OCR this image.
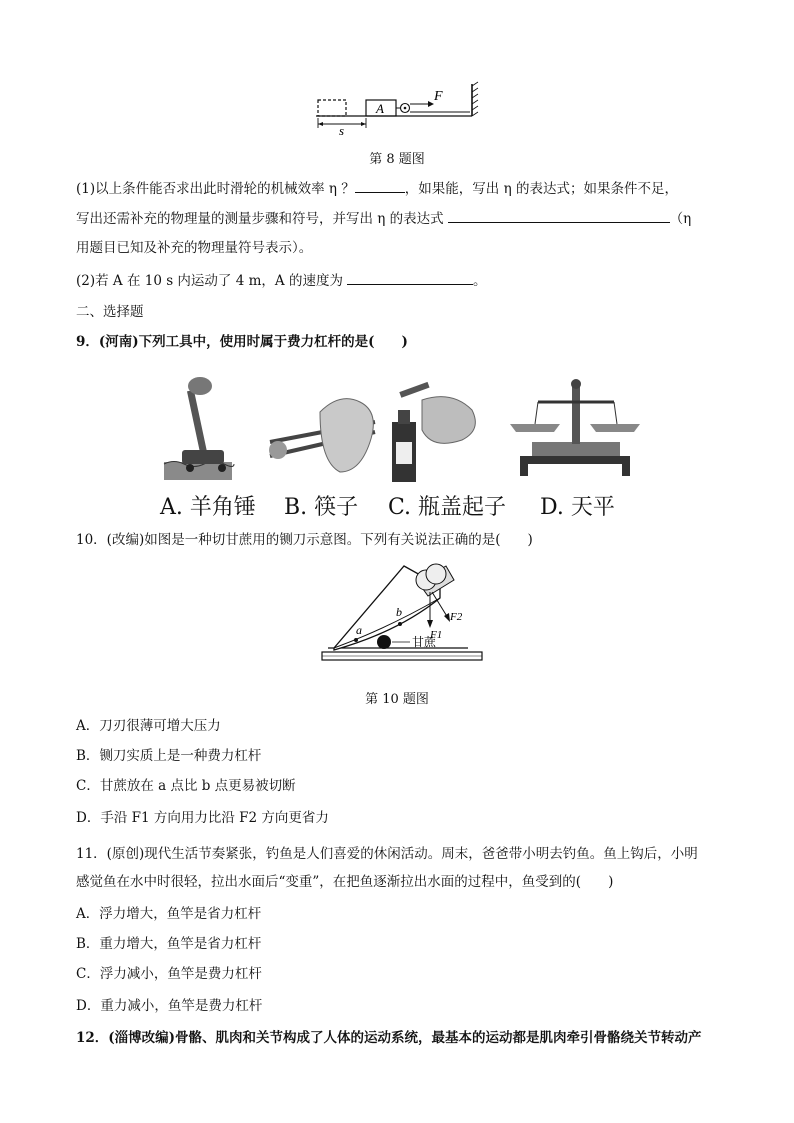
A
F
s
第 8 题图
(1)以上条件能否求出此时滑轮的机械效率 η ？	，如果能，写出 η 的表达式；如果条件不足，
写出还需补充的物理量的测量步骤和符号，并写出 η 的表达式	（η
用题目已知及补充的物理量符号表示）。
(2)若 A 在 10 s 内运动了 4 m，A 的速度为	。
二、选择题
9．(河南)下列工具中，使用时属于费力杠杆的是(　　)
A. 羊角锤 B. 筷子 C. 瓶盖起子 D. 天平
10．(改编)如图是一种切甘蔗用的铡刀示意图。下列有关说法正确的是(　　)
F1
F2
a
b
甘蔗
第 10 题图
A．刀刃很薄可增大压力
B．铡刀实质上是一种费力杠杆
C．甘蔗放在 a 点比 b 点更易被切断
D．手沿 F1 方向用力比沿 F2 方向更省力
11．(原创)现代生活节奏紧张，钓鱼是人们喜爱的休闲活动。周末，爸爸带小明去钓鱼。鱼上钩后，小明
感觉鱼在水中时很轻，拉出水面后“变重”，在把鱼逐渐拉出水面的过程中，鱼受到的(　　)
A．浮力增大，鱼竿是省力杠杆
B．重力增大，鱼竿是省力杠杆
C．浮力减小，鱼竿是费力杠杆
D．重力减小，鱼竿是费力杠杆
12．(淄博改编)骨骼、肌肉和关节构成了人体的运动系统，最基本的运动都是肌肉牵引骨骼绕关节转动产
